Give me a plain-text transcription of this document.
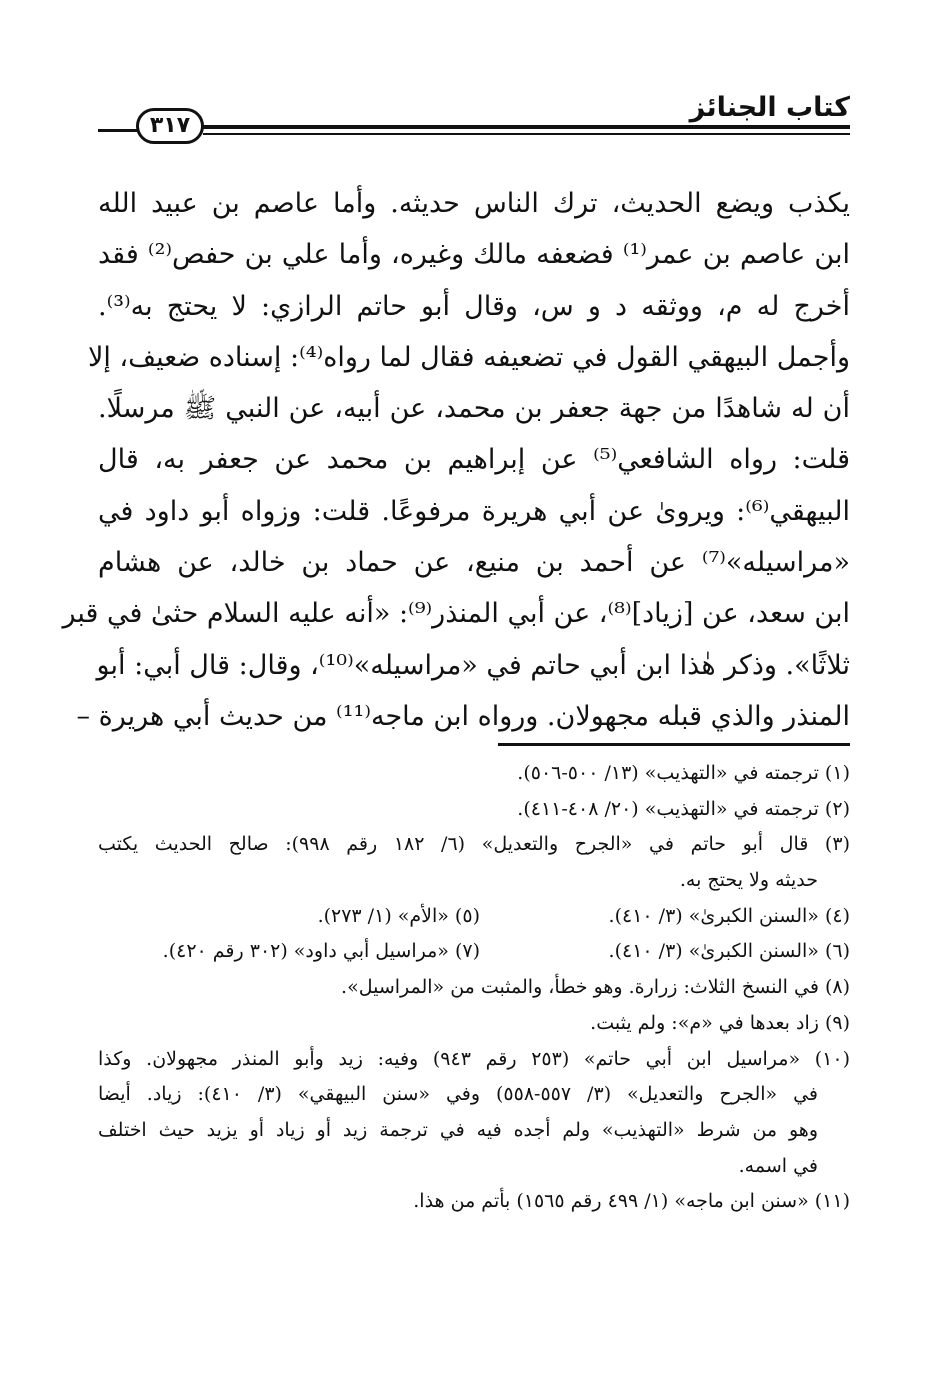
كتاب الجنائز
٣١٧
يكذب ويضع الحديث، ترك الناس حديثه. وأما عاصم بن عبيد الله
ابن عاصم بن عمر⁽¹⁾ فضعفه مالك وغيره، وأما علي بن حفص⁽²⁾ فقد
أخرج له م، ووثقه د و س، وقال أبو حاتم الرازي: لا يحتج به⁽³⁾.
وأجمل البيهقي القول في تضعيفه فقال لما رواه⁽⁴⁾: إسناده ضعيف، إلا
أن له شاهدًا من جهة جعفر بن محمد، عن أبيه، عن النبي ﷺ مرسلًا.
قلت: رواه الشافعي⁽⁵⁾ عن إبراهيم بن محمد عن جعفر به، قال
البيهقي⁽⁶⁾: ويروىٰ عن أبي هريرة مرفوعًا. قلت: وزواه أبو داود في
«مراسيله»⁽⁷⁾ عن أحمد بن منيع، عن حماد بن خالد، عن هشام
ابن سعد، عن [زياد]⁽⁸⁾، عن أبي المنذر⁽⁹⁾: «أنه عليه السلام حثىٰ في قبر
ثلاثًا». وذكر هٰذا ابن أبي حاتم في «مراسيله»⁽¹⁰⁾، وقال: قال أبي: أبو
المنذر والذي قبله مجهولان. ورواه ابن ماجه⁽¹¹⁾ من حديث أبي هريرة –
(١) ترجمته في «التهذيب» (١٣/ ٥٠٠-٥٠٦).
(٢) ترجمته في «التهذيب» (٢٠/ ٤٠٨-٤١١).
(٣) قال أبو حاتم في «الجرح والتعديل» (٦/ ١٨٢ رقم ٩٩٨): صالح الحديث يكتب
حديثه ولا يحتج به.
(٤) «السنن الكبرىٰ» (٣/ ٤١٠).
(٥) «الأم» (١/ ٢٧٣).
(٦) «السنن الكبرىٰ» (٣/ ٤١٠).
(٧) «مراسيل أبي داود» (٣٠٢ رقم ٤٢٠).
(٨) في النسخ الثلاث: زرارة. وهو خطأ، والمثبت من «المراسيل».
(٩) زاد بعدها في «م»: ولم يثبت.
(١٠) «مراسيل ابن أبي حاتم» (٢٥٣ رقم ٩٤٣) وفيه: زيد وأبو المنذر مجهولان. وكذا
في «الجرح والتعديل» (٣/ ٥٥٧-٥٥٨) وفي «سنن البيهقي» (٣/ ٤١٠): زياد. أيضا
وهو من شرط «التهذيب» ولم أجده فيه في ترجمة زيد أو زياد أو يزيد حيث اختلف
في اسمه.
(١١) «سنن ابن ماجه» (١/ ٤٩٩ رقم ١٥٦٥) بأتم من هذا.
